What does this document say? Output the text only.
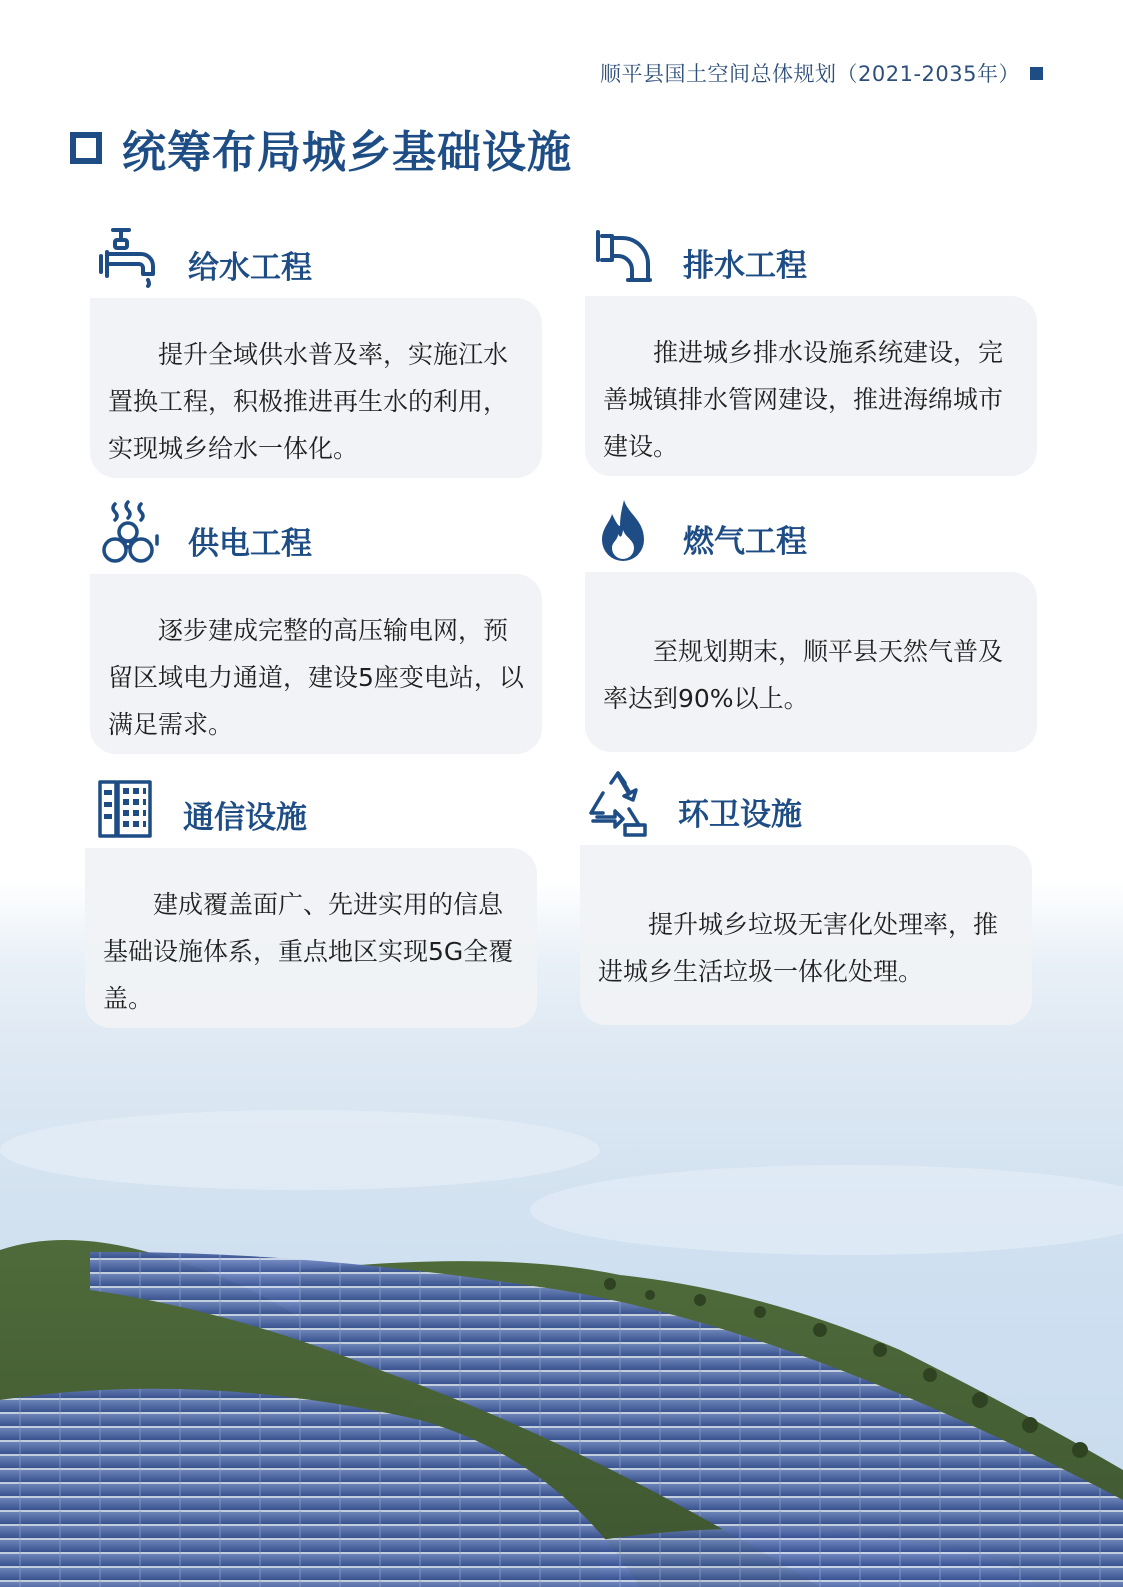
顺平县国土空间总体规划（2021-2035年）
统筹布局城乡基础设施
给水工程

提升全域供水普及率，实施江水置换工程，积极推进再生水的利用，实现城乡给水一体化。

排水工程

推进城乡排水设施系统建设，完善城镇排水管网建设，推进海绵城市建设。

供电工程

逐步建成完整的高压输电网，预留区域电力通道，建设5座变电站，以满足需求。

燃气工程

至规划期末，顺平县天然气普及率达到90%以上。

通信设施

建成覆盖面广、先进实用的信息基础设施体系，重点地区实现5G全覆盖。

环卫设施

提升城乡垃圾无害化处理率，推进城乡生活垃圾一体化处理。
